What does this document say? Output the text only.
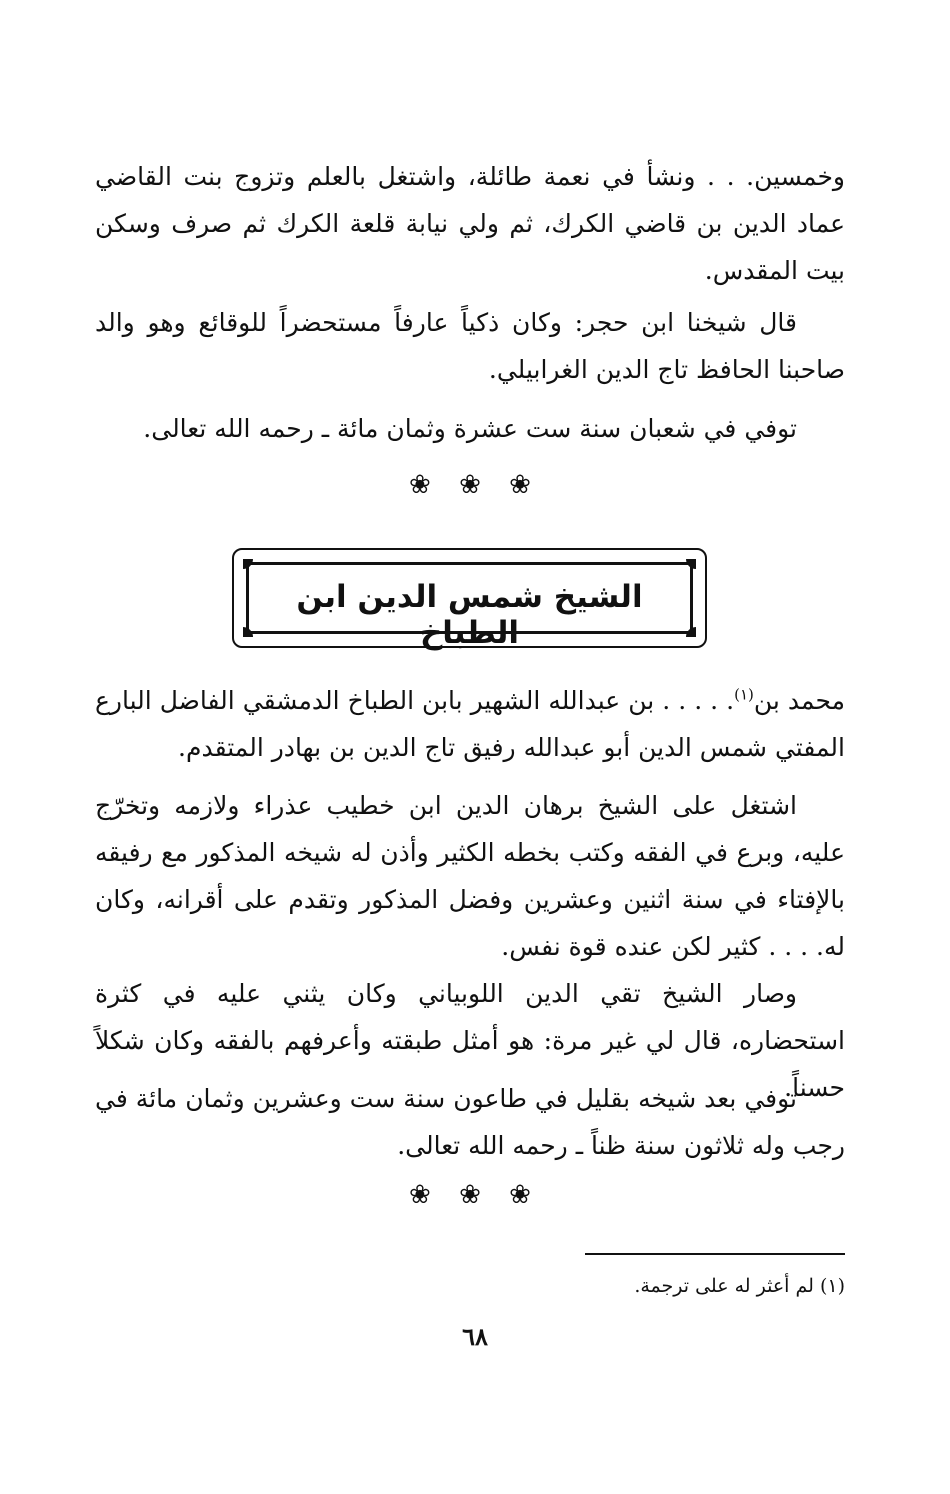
وخمسين. . . ونشأ في نعمة طائلة، واشتغل بالعلم وتزوج بنت القاضي عماد الدين بن قاضي الكرك، ثم ولي نيابة قلعة الكرك ثم صرف وسكن بيت المقدس.

قال شيخنا ابن حجر: وكان ذكياً عارفاً مستحضراً للوقائع وهو والد صاحبنا الحافظ تاج الدين الغرابيلي.

توفي في شعبان سنة ست عشرة وثمان مائة ـ رحمه الله تعالى.

❀ ❀ ❀
الشيخ شمس الدين ابن الطباخ

محمد بن$^{(١)}$. . . . . بن عبدالله الشهير بابن الطباخ الدمشقي الفاضل البارع المفتي شمس الدين أبو عبدالله رفيق تاج الدين بن بهادر المتقدم.

اشتغل على الشيخ برهان الدين ابن خطيب عذراء ولازمه وتخرّج عليه، وبرع في الفقه وكتب بخطه الكثير وأذن له شيخه المذكور مع رفيقه بالإفتاء في سنة اثنين وعشرين وفضل المذكور وتقدم على أقرانه، وكان له. . . . كثير لكن عنده قوة نفس.

وصار الشيخ تقي الدين اللوبياني وكان يثني عليه في كثرة استحضاره، قال لي غير مرة: هو أمثل طبقته وأعرفهم بالفقه وكان شكلاً حسناً.

توفي بعد شيخه بقليل في طاعون سنة ست وعشرين وثمان مائة في رجب وله ثلاثون سنة ظناً ـ رحمه الله تعالى.

❀ ❀ ❀

(١) لم أعثر له على ترجمة.

٦٨
